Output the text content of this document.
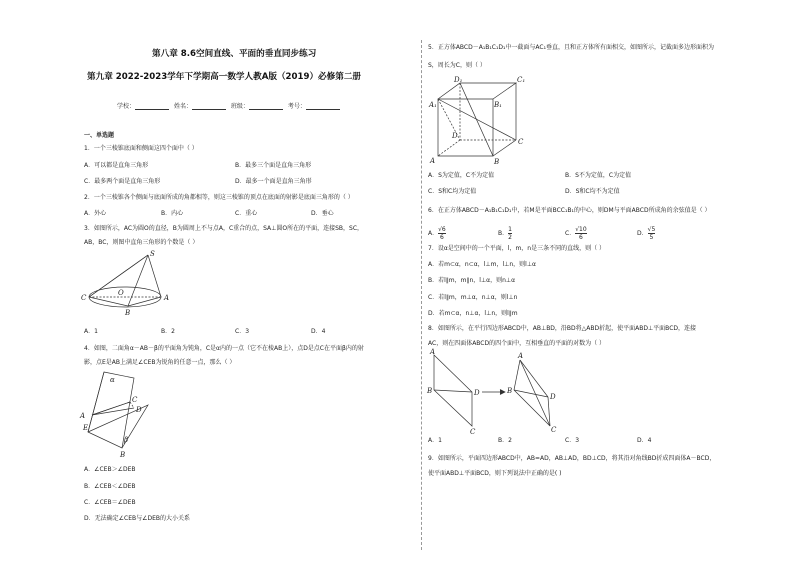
第八章 8.6空间直线、平面的垂直同步练习
第九章 2022-2023学年下学期高一数学人教A版（2019）必修第二册
学校：	姓名：	班级：	考号：
一、单选题
1．一个三棱锥底面和侧面这四个面中（ ）
A．可以都是直角三角形	B．最多三个面是直角三角形
C．最多两个面是直角三角形	D．最多一个面是直角三角形
2．一个三棱锥各个侧面与底面所成的角都相等，则这三棱锥的顶点在底面的射影是底面三角形的（ ）
A．外心	B．内心	C．重心	D．垂心
3．如图所示，AC为圆O的直径，B为圆周上不与点A，C重合的点，SA⊥圆O所在的平面，连接SB，SC，
AB，BC，则图中直角三角形的个数是（ ）
S
A
C
B
O
A．1	B．2	C．3	D．4
4．如图，二面角α－AB－β的平面角为钝角，C是α内的一点（它不在棱AB上），点D是点C在平面β内的射
影，点E是AB上满足∠CEB为锐角的任意一点，那么（ ）
α
β
A
B
C
D
E
A．∠CEB＞∠DEB
B．∠CEB＜∠DEB
C．∠CEB＝∠DEB
D．无法确定∠CEB与∠DEB的大小关系
5．正方体ABCD－A₁B₁C₁D₁中一截面与AC₁垂直，且和正方体所有面相交，如图所示，记截面多边形面积为
S，周长为C，则（ ）
D₁	C₁
A₁	B₁
D
C
A	B
A．S为定值，C不为定值	B．S不为定值，C为定值
C．S和C均为定值	D．S和C均不为定值
6．在正方体ABCD－A₁B₁C₁D₁中，若M是平面BCC₁B₁的中心，则DM与平面ABCD所成角的余弦值是（ ）
A． $\frac{√6}{6}$	B． $\frac{1}{2}$	C． $\frac{√10}{6}$	D． $\frac{√5}{5}$
7．设α是空间中的一个平面，l，m，n是三条不同的直线，则（ ）
A．若m⊂α，n⊂α，l⊥m，l⊥n，则l⊥α
B．若l∥m，m∥n，l⊥α，则n⊥α
C．若l∥m，m⊥α，n⊥α，则l⊥n
D．若m⊂α，n⊥α，l⊥n，则l∥m
8．如图所示，在平行四边形ABCD中，AB⊥BD，沿BD将△ABD折起，使平面ABD⊥平面BCD，连接
AC，则在四面体ABCD的四个面中，互相垂直的平面的对数为（ ）
A
B	D
C
A
B
D
C
A．1	B．2	C．3	D．4
9．如图所示，平面四边形ABCD中，AB=AD，AB⊥AD，BD⊥CD，将其沿对角线BD折成四面体A－BCD，
使平面ABD⊥平面BCD，则下列说法中正确的是( )
